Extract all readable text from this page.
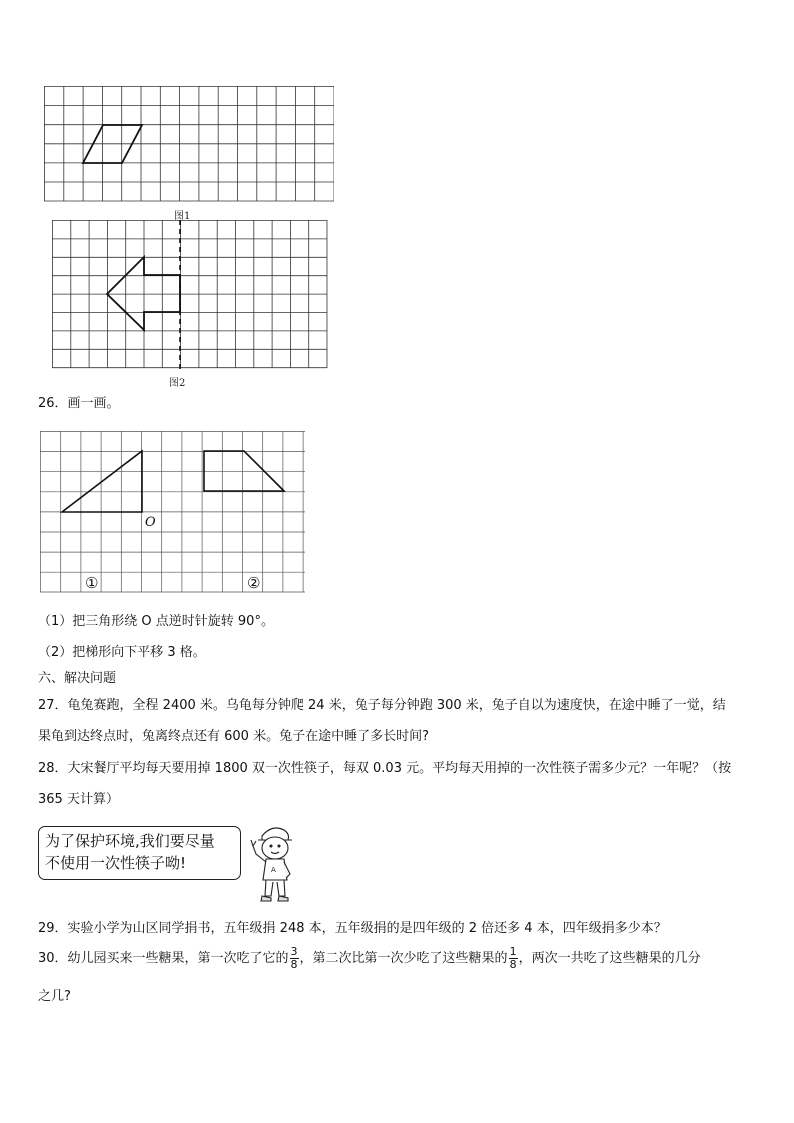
图1
图2
26．画一画。
O
①	②
（1）把三角形绕 O 点逆时针旋转 90°。
（2）把梯形向下平移 3 格。
六、解决问题
27．龟兔赛跑，全程 2400 米。乌龟每分钟爬 24 米，兔子每分钟跑 300 米，兔子自以为速度快，在途中睡了一觉，结
果龟到达终点时，兔离终点还有 600 米。兔子在途中睡了多长时间?
28．大宋餐厅平均每天要用掉 1800 双一次性筷子，每双 0.03 元。平均每天用掉的一次性筷子需多少元？一年呢？（按
365 天计算）
为了保护环境,我们要尽量
不使用一次性筷子呦!	A
29．实验小学为山区同学捐书，五年级捐 248 本，五年级捐的是四年级的 2 倍还多 4 本，四年级捐多少本？
30．幼儿园买来一些糖果，第一次吃了它的 $\frac{3}{8}$ ，第二次比第一次少吃了这些糖果的 $\frac{1}{8}$ ，两次一共吃了这些糖果的几分
之几?
